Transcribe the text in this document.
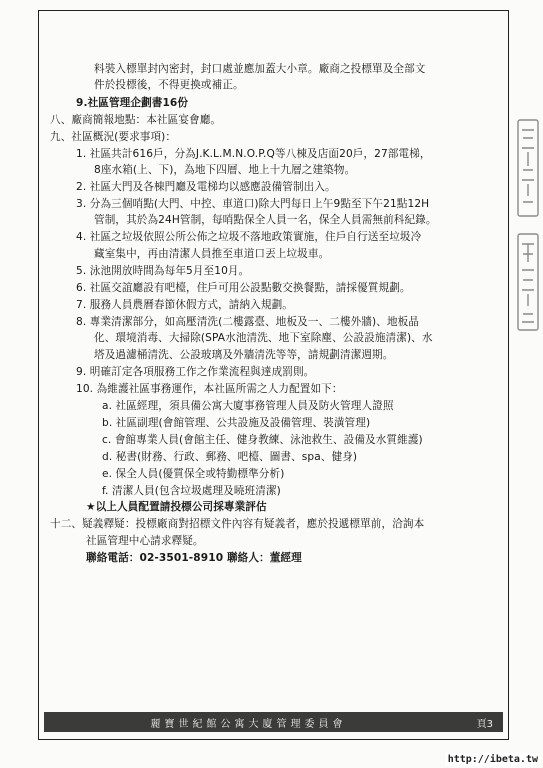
料裝入標單封內密封，封口處並應加蓋大小章。廠商之投標單及全部文
件於投標後，不得更換或補正。
9.社區管理企劃書16份
八、廠商簡報地點：本社區宴會廳。
九、社區概況(要求事項)：
1. 社區共計616戶，分為J.K.L.M.N.O.P.Q等八棟及店面20戶，27部電梯，
8座水箱(上、下)，為地下四層、地上十九層之建築物。
2. 社區大門及各棟門廳及電梯均以感應設備管制出入。
3. 分為三個哨點(大門、中控、車道口)除大門每日上午9點至下午21點12H
管制，其於為24H管制，每哨點保全人員一名，保全人員需無前科紀錄。
4. 社區之垃圾依照公所公佈之垃圾不落地政策實施，住戶自行送至垃圾冷
藏室集中，再由清潔人員推至車道口丟上垃圾車。
5. 泳池開放時間為每年5月至10月。
6. 社區交誼廳設有吧檯，住戶可用公設點數交換餐點，請採優質規劃。
7. 服務人員農曆春節休假方式，請納入規劃。
8. 專業清潔部分，如高壓清洗(二樓露臺、地板及一、二樓外牆)、地板晶
化、環境消毒、大掃除(SPA水池清洗、地下室除塵、公設設施清潔)、水
塔及過濾桶清洗、公設玻璃及外牆清洗等等，請規劃清潔週期。
9. 明確訂定各項服務工作之作業流程與達成罰則。
10. 為維護社區事務運作，本社區所需之人力配置如下：
a. 社區經理，須具備公寓大廈事務管理人員及防火管理人證照
b. 社區副理(會館管理、公共設施及設備管理、裝潢管理)
c. 會館專業人員(會館主任、健身教練、泳池救生、設備及水質維護)
d. 秘書(財務、行政、郵務、吧檯、圖書、spa、健身)
e. 保全人員(優質保全或特勤標準分析)
f. 清潔人員(包含垃圾處理及曉班清潔)
★以上人員配置請投標公司採專業評估
十二、疑義釋疑：投標廠商對招標文件內容有疑義者，應於投遞標單前，洽詢本
社區管理中心請求釋疑。
聯絡電話：02-3501-8910 聯絡人：董經理
麗寶世紀館公寓大廈管理委員會	頁3
http://ibeta.tw
